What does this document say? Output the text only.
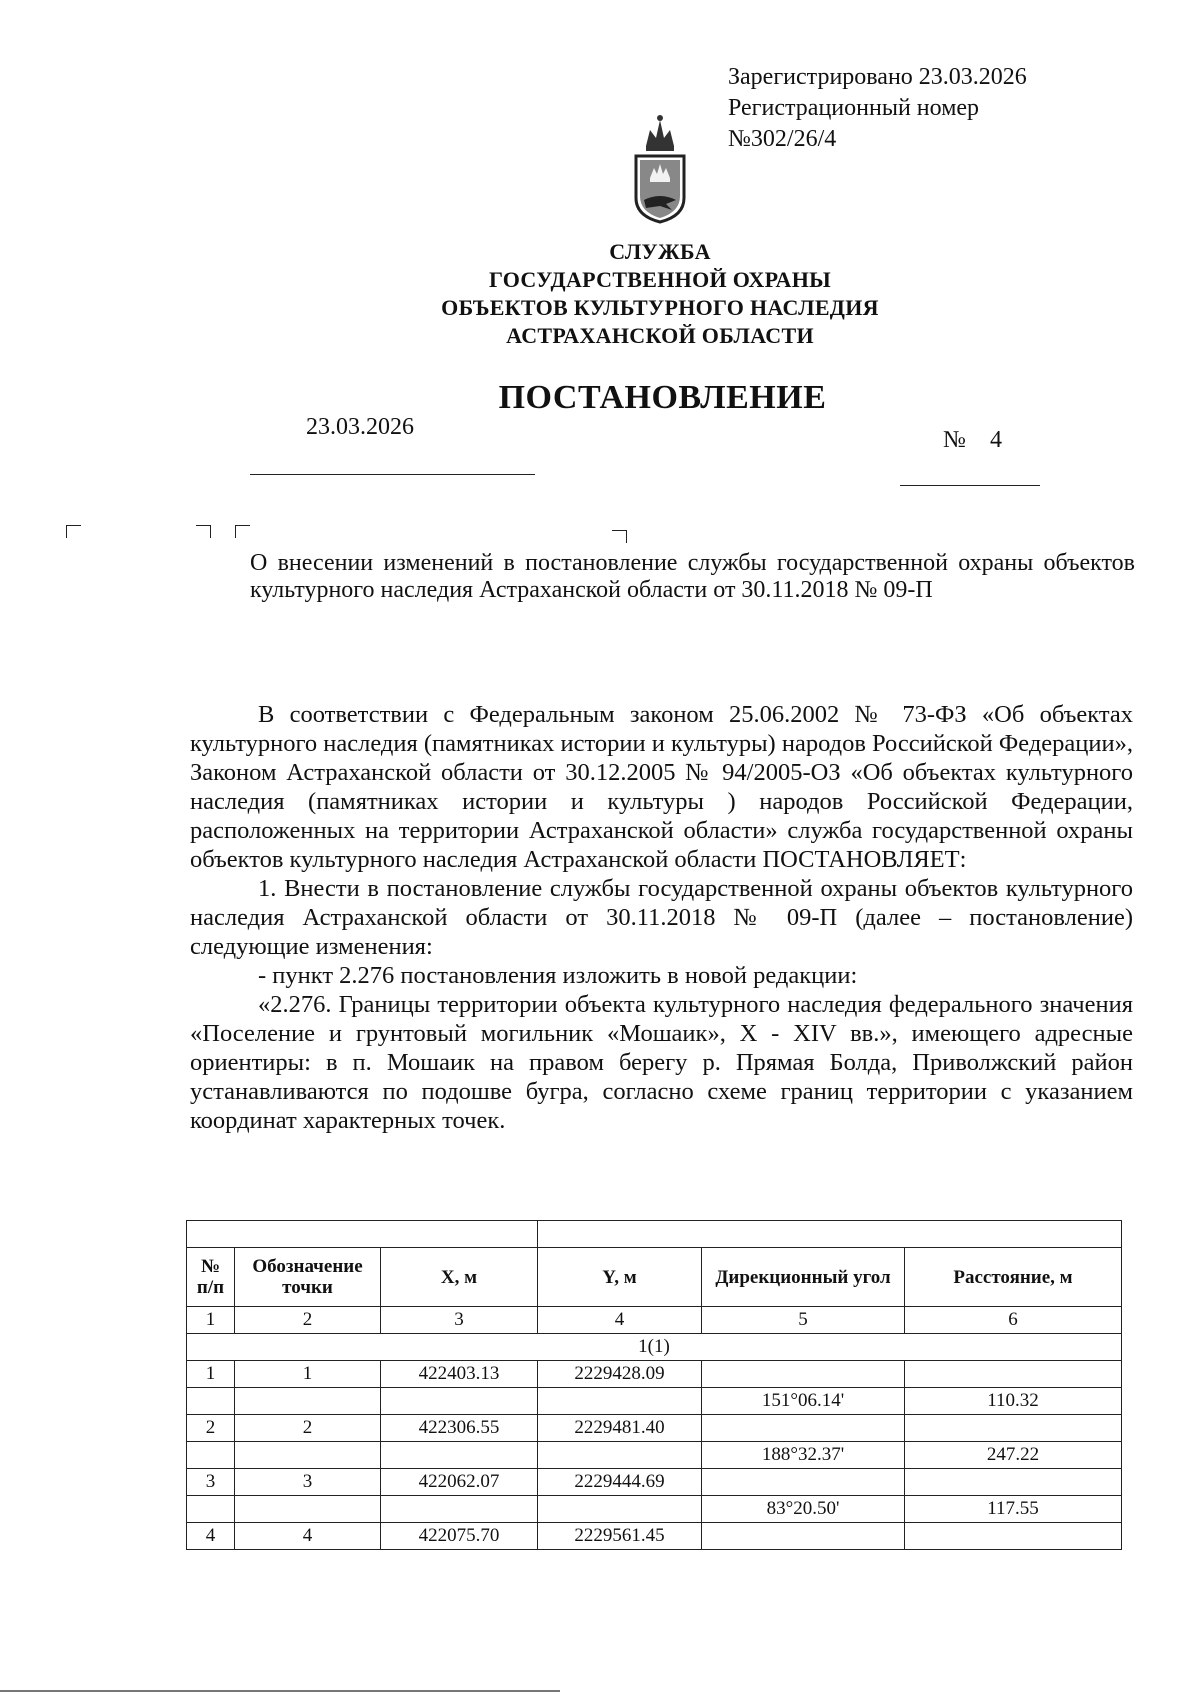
Зарегистрировано 23.03.2026
Регистрационный номер
№302/26/4
СЛУЖБА
ГОСУДАРСТВЕННОЙ ОХРАНЫ
ОБЪЕКТОВ КУЛЬТУРНОГО НАСЛЕДИЯ
АСТРАХАНСКОЙ ОБЛАСТИ
ПОСТАНОВЛЕНИЕ
23.03.2026	№ 4
О внесении изменений в постановление службы государственной охраны объектов культурного наследия Астраханской области от 30.11.2018 № 09-П

В соответствии с Федеральным законом 25.06.2002 № 73-ФЗ «Об объектах культурного наследия (памятниках истории и культуры) народов Российской Федерации», Законом Астраханской области от 30.12.2005 № 94/2005-ОЗ «Об объектах культурного наследия (памятниках истории и культуры ) народов Российской Федерации, расположенных на территории Астраханской области» служба государственной охраны объектов культурного наследия Астраханской области ПОСТАНОВЛЯЕТ:

1. Внести в постановление службы государственной охраны объектов культурного наследия Астраханской области от 30.11.2018 № 09-П (далее – постановление) следующие изменения:

- пункт 2.276 постановления изложить в новой редакции:

«2.276. Границы территории объекта культурного наследия федерального значения «Поселение и грунтовый могильник «Мошаик», X - XIV вв.», имеющего адресные ориентиры: в п. Мошаик на правом берегу р. Прямая Болда, Приволжский район устанавливаются по подошве бугра, согласно схеме границ территории с указанием координат характерных точек.

№ п/п	Обозначение точки	X, м	Y, м	Дирекционный угол	Расстояние, м
1	2	3	4	5	6
1(1)					
1	1	422403.13	2229428.09		
				151°06.14'	110.32
2	2	422306.55	2229481.40		
				188°32.37'	247.22
3	3	422062.07	2229444.69		
				83°20.50'	117.55
4	4	422075.70	2229561.45		
